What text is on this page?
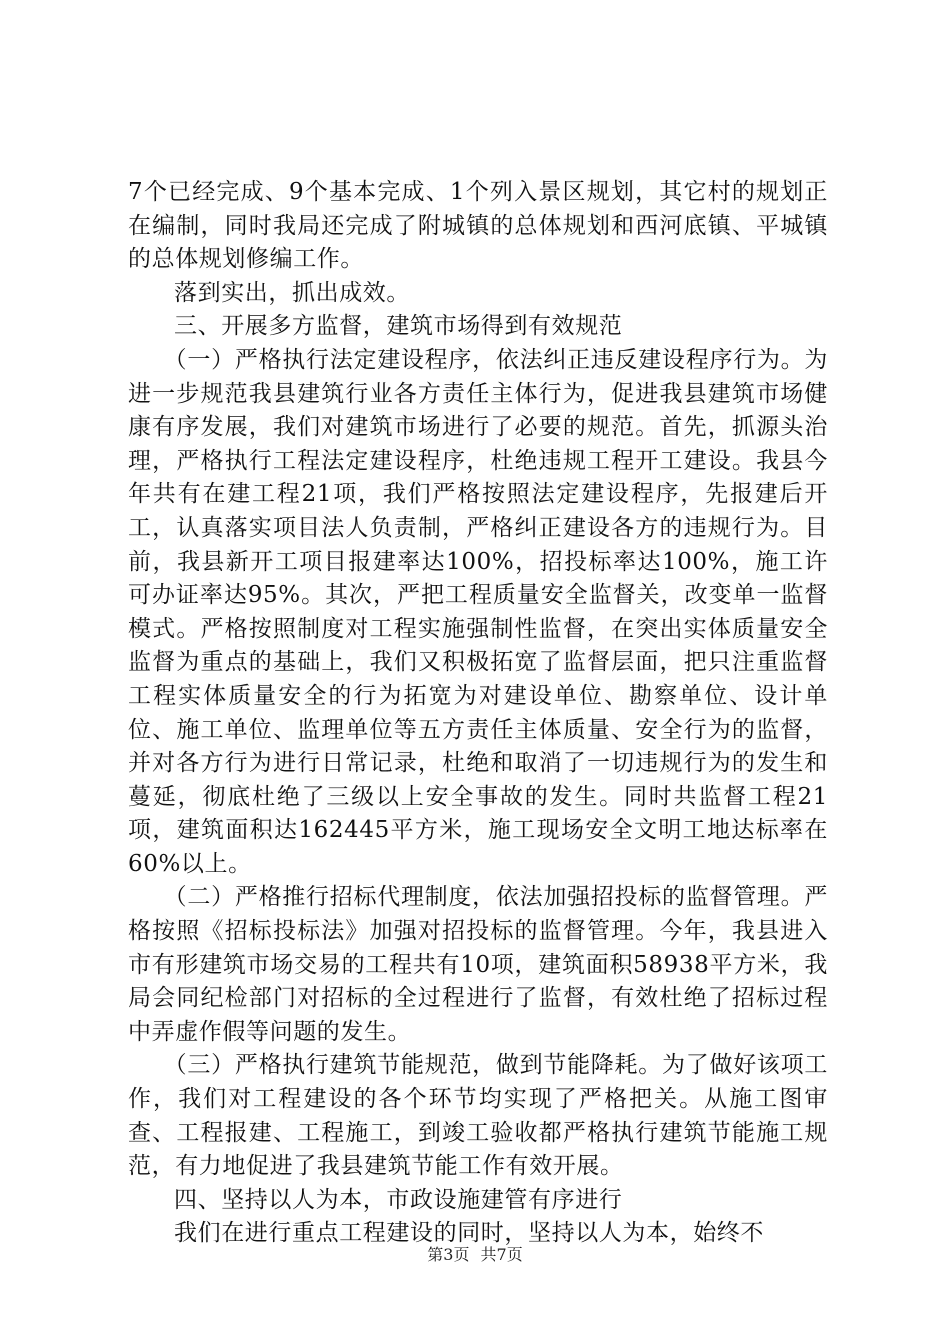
7个已经完成、9个基本完成、1个列入景区规划，其它村的规划正在编制，同时我局还完成了附城镇的总体规划和西河底镇、平城镇的总体规划修编工作。

落到实出，抓出成效。

三、开展多方监督，建筑市场得到有效规范

（一）严格执行法定建设程序，依法纠正违反建设程序行为。为进一步规范我县建筑行业各方责任主体行为，促进我县建筑市场健康有序发展，我们对建筑市场进行了必要的规范。首先，抓源头治理，严格执行工程法定建设程序，杜绝违规工程开工建设。我县今年共有在建工程21项，我们严格按照法定建设程序，先报建后开工，认真落实项目法人负责制，严格纠正建设各方的违规行为。目前，我县新开工项目报建率达100%，招投标率达100%，施工许可办证率达95%。其次，严把工程质量安全监督关，改变单一监督模式。严格按照制度对工程实施强制性监督，在突出实体质量安全监督为重点的基础上，我们又积极拓宽了监督层面，把只注重监督工程实体质量安全的行为拓宽为对建设单位、勘察单位、设计单位、施工单位、监理单位等五方责任主体质量、安全行为的监督，并对各方行为进行日常记录，杜绝和取消了一切违规行为的发生和蔓延，彻底杜绝了三级以上安全事故的发生。同时共监督工程21项，建筑面积达162445平方米，施工现场安全文明工地达标率在60%以上。

（二）严格推行招标代理制度，依法加强招投标的监督管理。严格按照《招标投标法》加强对招投标的监督管理。今年，我县进入市有形建筑市场交易的工程共有10项，建筑面积58938平方米，我局会同纪检部门对招标的全过程进行了监督，有效杜绝了招标过程中弄虚作假等问题的发生。

（三）严格执行建筑节能规范，做到节能降耗。为了做好该项工作，我们对工程建设的各个环节均实现了严格把关。从施工图审查、工程报建、工程施工，到竣工验收都严格执行建筑节能施工规范，有力地促进了我县建筑节能工作有效开展。

四、坚持以人为本，市政设施建管有序进行

我们在进行重点工程建设的同时，坚持以人为本，始终不

第3页 共7页
